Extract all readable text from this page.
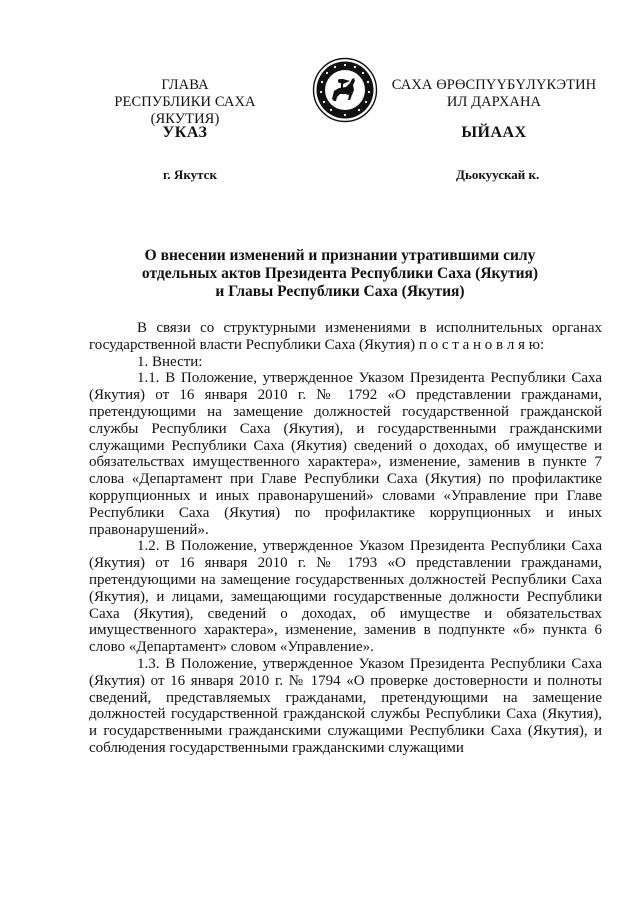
ГЛАВА
РЕСПУБЛИКИ САХА (ЯКУТИЯ)
САХА ӨРӨСПҮҮБҮЛҮКЭТИН
ИЛ ДАРХАНА
УКАЗ	ЫЙААХ
г. Якутск	Дьокуускай к.
О внесении изменений и признании утратившими силу
отдельных актов Президента Республики Саха (Якутия)
и Главы Республики Саха (Якутия)

В связи со структурными изменениями в исполнительных органах государственной власти Республики Саха (Якутия) п о с т а н о в л я ю:

1. Внести:

1.1. В Положение, утвержденное Указом Президента Республики Саха (Якутия) от 16 января 2010 г. № 1792 «О представлении гражданами, претендующими на замещение должностей государственной гражданской службы Республики Саха (Якутия), и государственными гражданскими служащими Республики Саха (Якутия) сведений о доходах, об имуществе и обязательствах имущественного характера», изменение, заменив в пункте 7 слова «Департамент при Главе Республики Саха (Якутия) по профилактике коррупционных и иных правонарушений» словами «Управление при Главе Республики Саха (Якутия) по профилактике коррупционных и иных правонарушений».

1.2. В Положение, утвержденное Указом Президента Республики Саха (Якутия) от 16 января 2010 г. № 1793 «О представлении гражданами, претендующими на замещение государственных должностей Республики Саха (Якутия), и лицами, замещающими государственные должности Республики Саха (Якутия), сведений о доходах, об имуществе и обязательствах имущественного характера», изменение, заменив в подпункте «б» пункта 6 слово «Департамент» словом «Управление».

1.3. В Положение, утвержденное Указом Президента Республики Саха (Якутия) от 16 января 2010 г. № 1794 «О проверке достоверности и полноты сведений, представляемых гражданами, претендующими на замещение должностей государственной гражданской службы Республики Саха (Якутия), и государственными гражданскими служащими Республики Саха (Якутия), и соблюдения государственными гражданскими служащими
